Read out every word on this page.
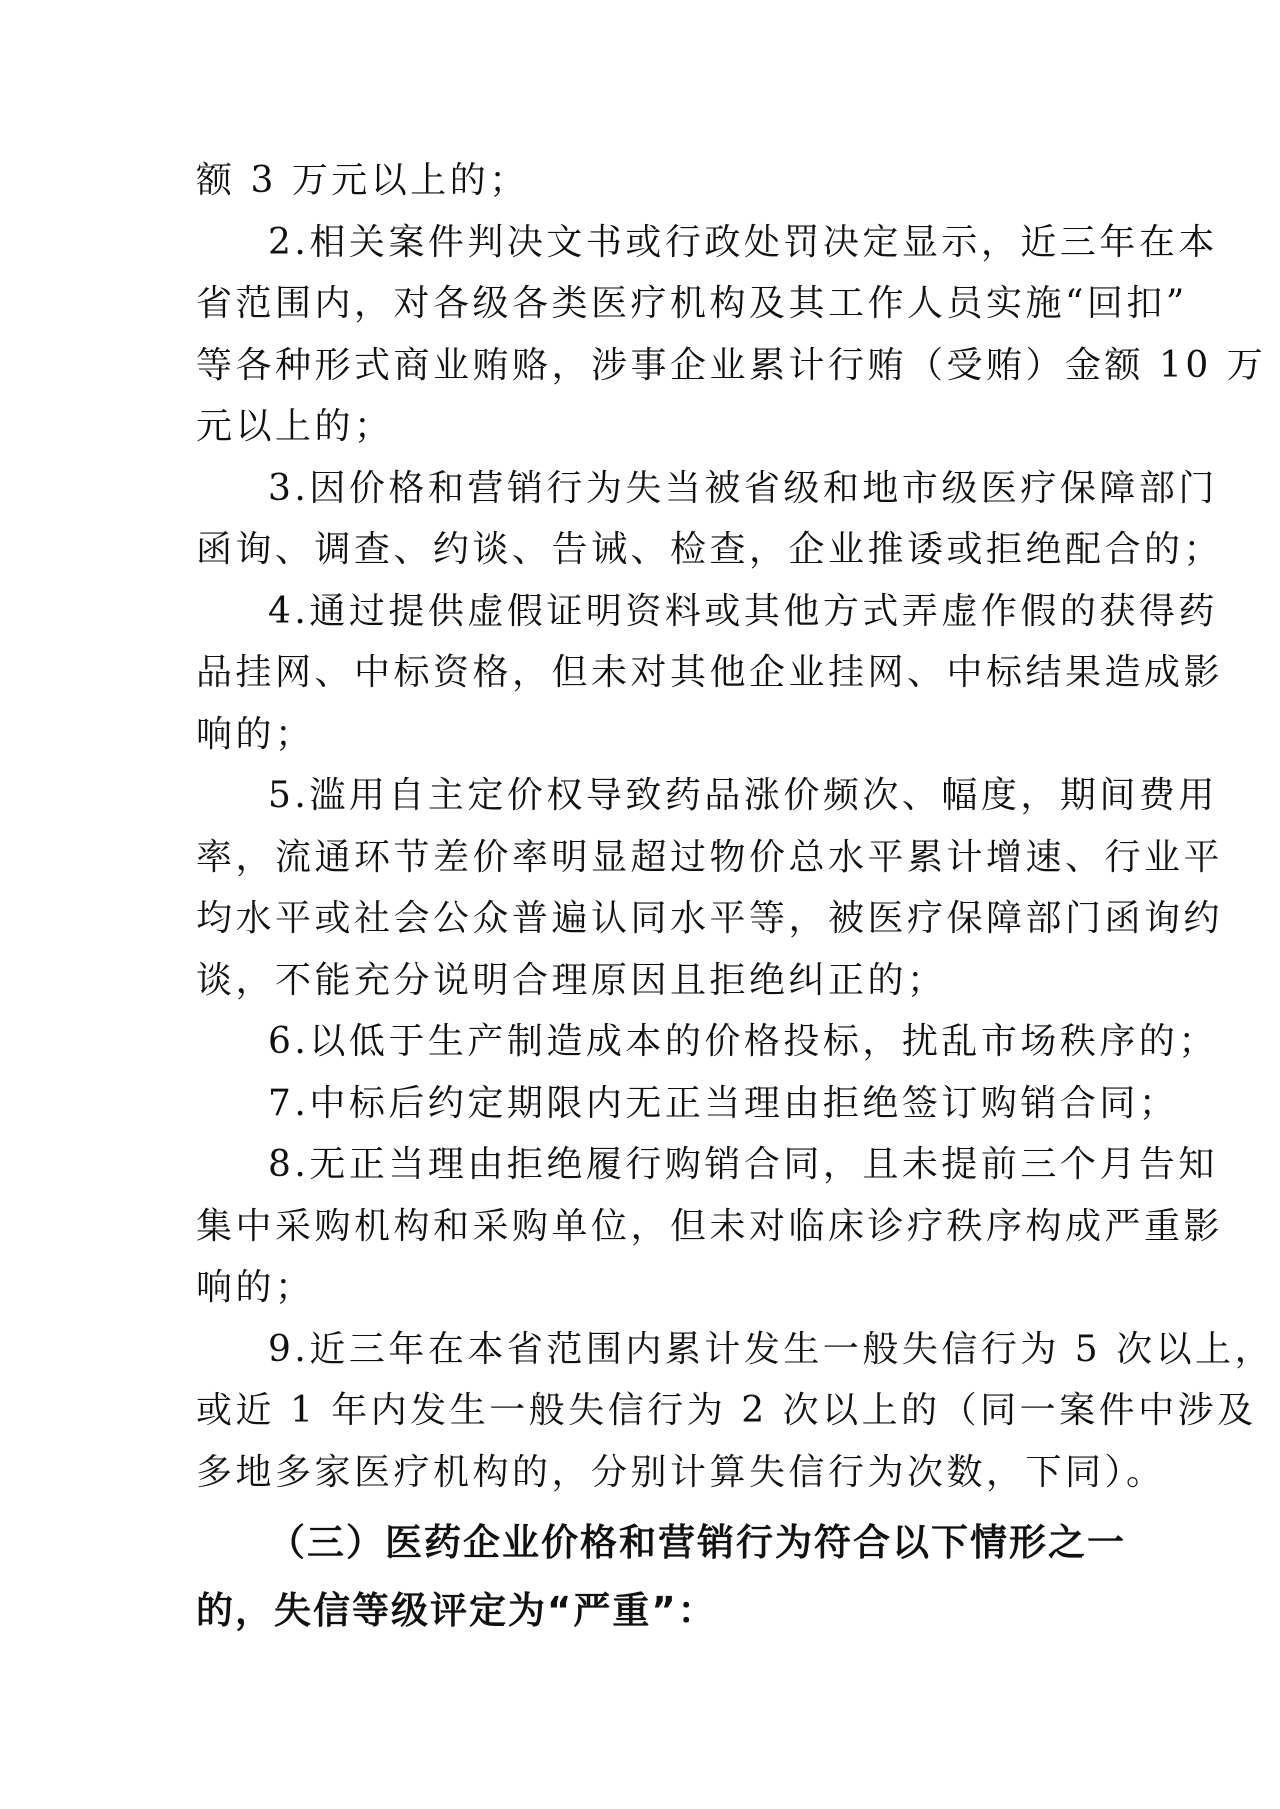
额 3 万元以上的；
2.相关案件判决文书或行政处罚决定显示，近三年在本
省范围内，对各级各类医疗机构及其工作人员实施“回扣”
等各种形式商业贿赂，涉事企业累计行贿（受贿）金额 10 万
元以上的；
3.因价格和营销行为失当被省级和地市级医疗保障部门
函询、调查、约谈、告诫、检查，企业推诿或拒绝配合的；
4.通过提供虚假证明资料或其他方式弄虚作假的获得药
品挂网、中标资格，但未对其他企业挂网、中标结果造成影
响的；
5.滥用自主定价权导致药品涨价频次、幅度，期间费用
率，流通环节差价率明显超过物价总水平累计增速、行业平
均水平或社会公众普遍认同水平等，被医疗保障部门函询约
谈，不能充分说明合理原因且拒绝纠正的；
6.以低于生产制造成本的价格投标，扰乱市场秩序的；
7.中标后约定期限内无正当理由拒绝签订购销合同；
8.无正当理由拒绝履行购销合同，且未提前三个月告知
集中采购机构和采购单位，但未对临床诊疗秩序构成严重影
响的；
9.近三年在本省范围内累计发生一般失信行为 5 次以上，
或近 1 年内发生一般失信行为 2 次以上的（同一案件中涉及
多地多家医疗机构的，分别计算失信行为次数，下同）。
（三）医药企业价格和营销行为符合以下情形之一
的，失信等级评定为“严重”：
